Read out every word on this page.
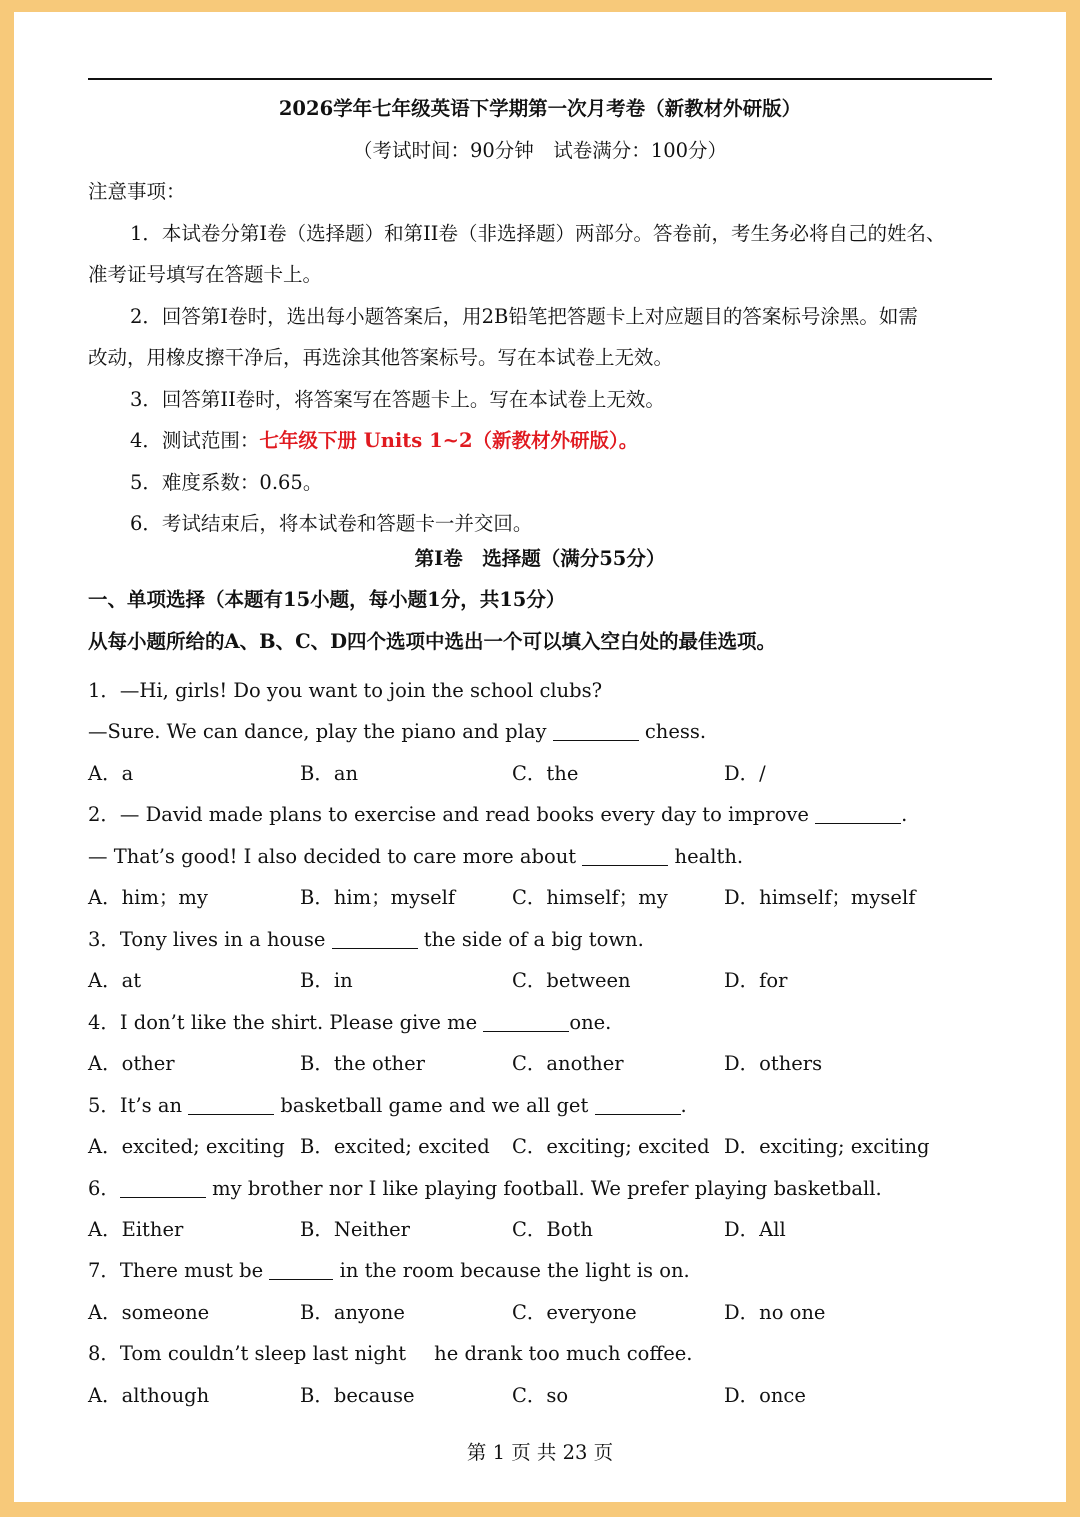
2026学年七年级英语下学期第一次月考卷（新教材外研版）
（考试时间：90分钟　试卷满分：100分）
注意事项：
1．本试卷分第I卷（选择题）和第II卷（非选择题）两部分。答卷前，考生务必将自己的姓名、
准考证号填写在答题卡上。
2．回答第I卷时，选出每小题答案后，用2B铅笔把答题卡上对应题目的答案标号涂黑。如需
改动，用橡皮擦干净后，再选涂其他答案标号。写在本试卷上无效。
3．回答第II卷时，将答案写在答题卡上。写在本试卷上无效。
4．测试范围：七年级下册 Units 1~2（新教材外研版）。
5．难度系数：0.65。
6．考试结束后，将本试卷和答题卡一并交回。
第I卷　选择题（满分55分）
一、单项选择（本题有15小题，每小题1分，共15分）
从每小题所给的A、B、C、D四个选项中选出一个可以填入空白处的最佳选项。
1．—Hi, girls! Do you want to join the school clubs?
—Sure. We can dance, play the piano and play	chess.
A．a	B．an	C．the	D．/
2．— David made plans to exercise and read books every day to improve	.
— That’s good! I also decided to care more about	health.
A．him；my	B．him；myself	C．himself；my	D．himself；myself
3．Tony lives in a house	the side of a big town.
A．at	B．in	C．between	D．for
4．I don’t like the shirt. Please give me	one.
A．other	B．the other	C．another	D．others
5．It’s an	basketball game and we all get	.
A．excited; exciting B．excited; excited	C．exciting; excited D．exciting; exciting
6．	my brother nor I like playing football. We prefer playing basketball.
A．Either	B．Neither	C．Both	D．All
7．There must be	in the room because the light is on.
A．someone	B．anyone	C．everyone	D．no one
8．Tom couldn’t sleep last night he drank too much coffee.
A．although	B．because	C．so	D．once
第 1 页 共 23 页
